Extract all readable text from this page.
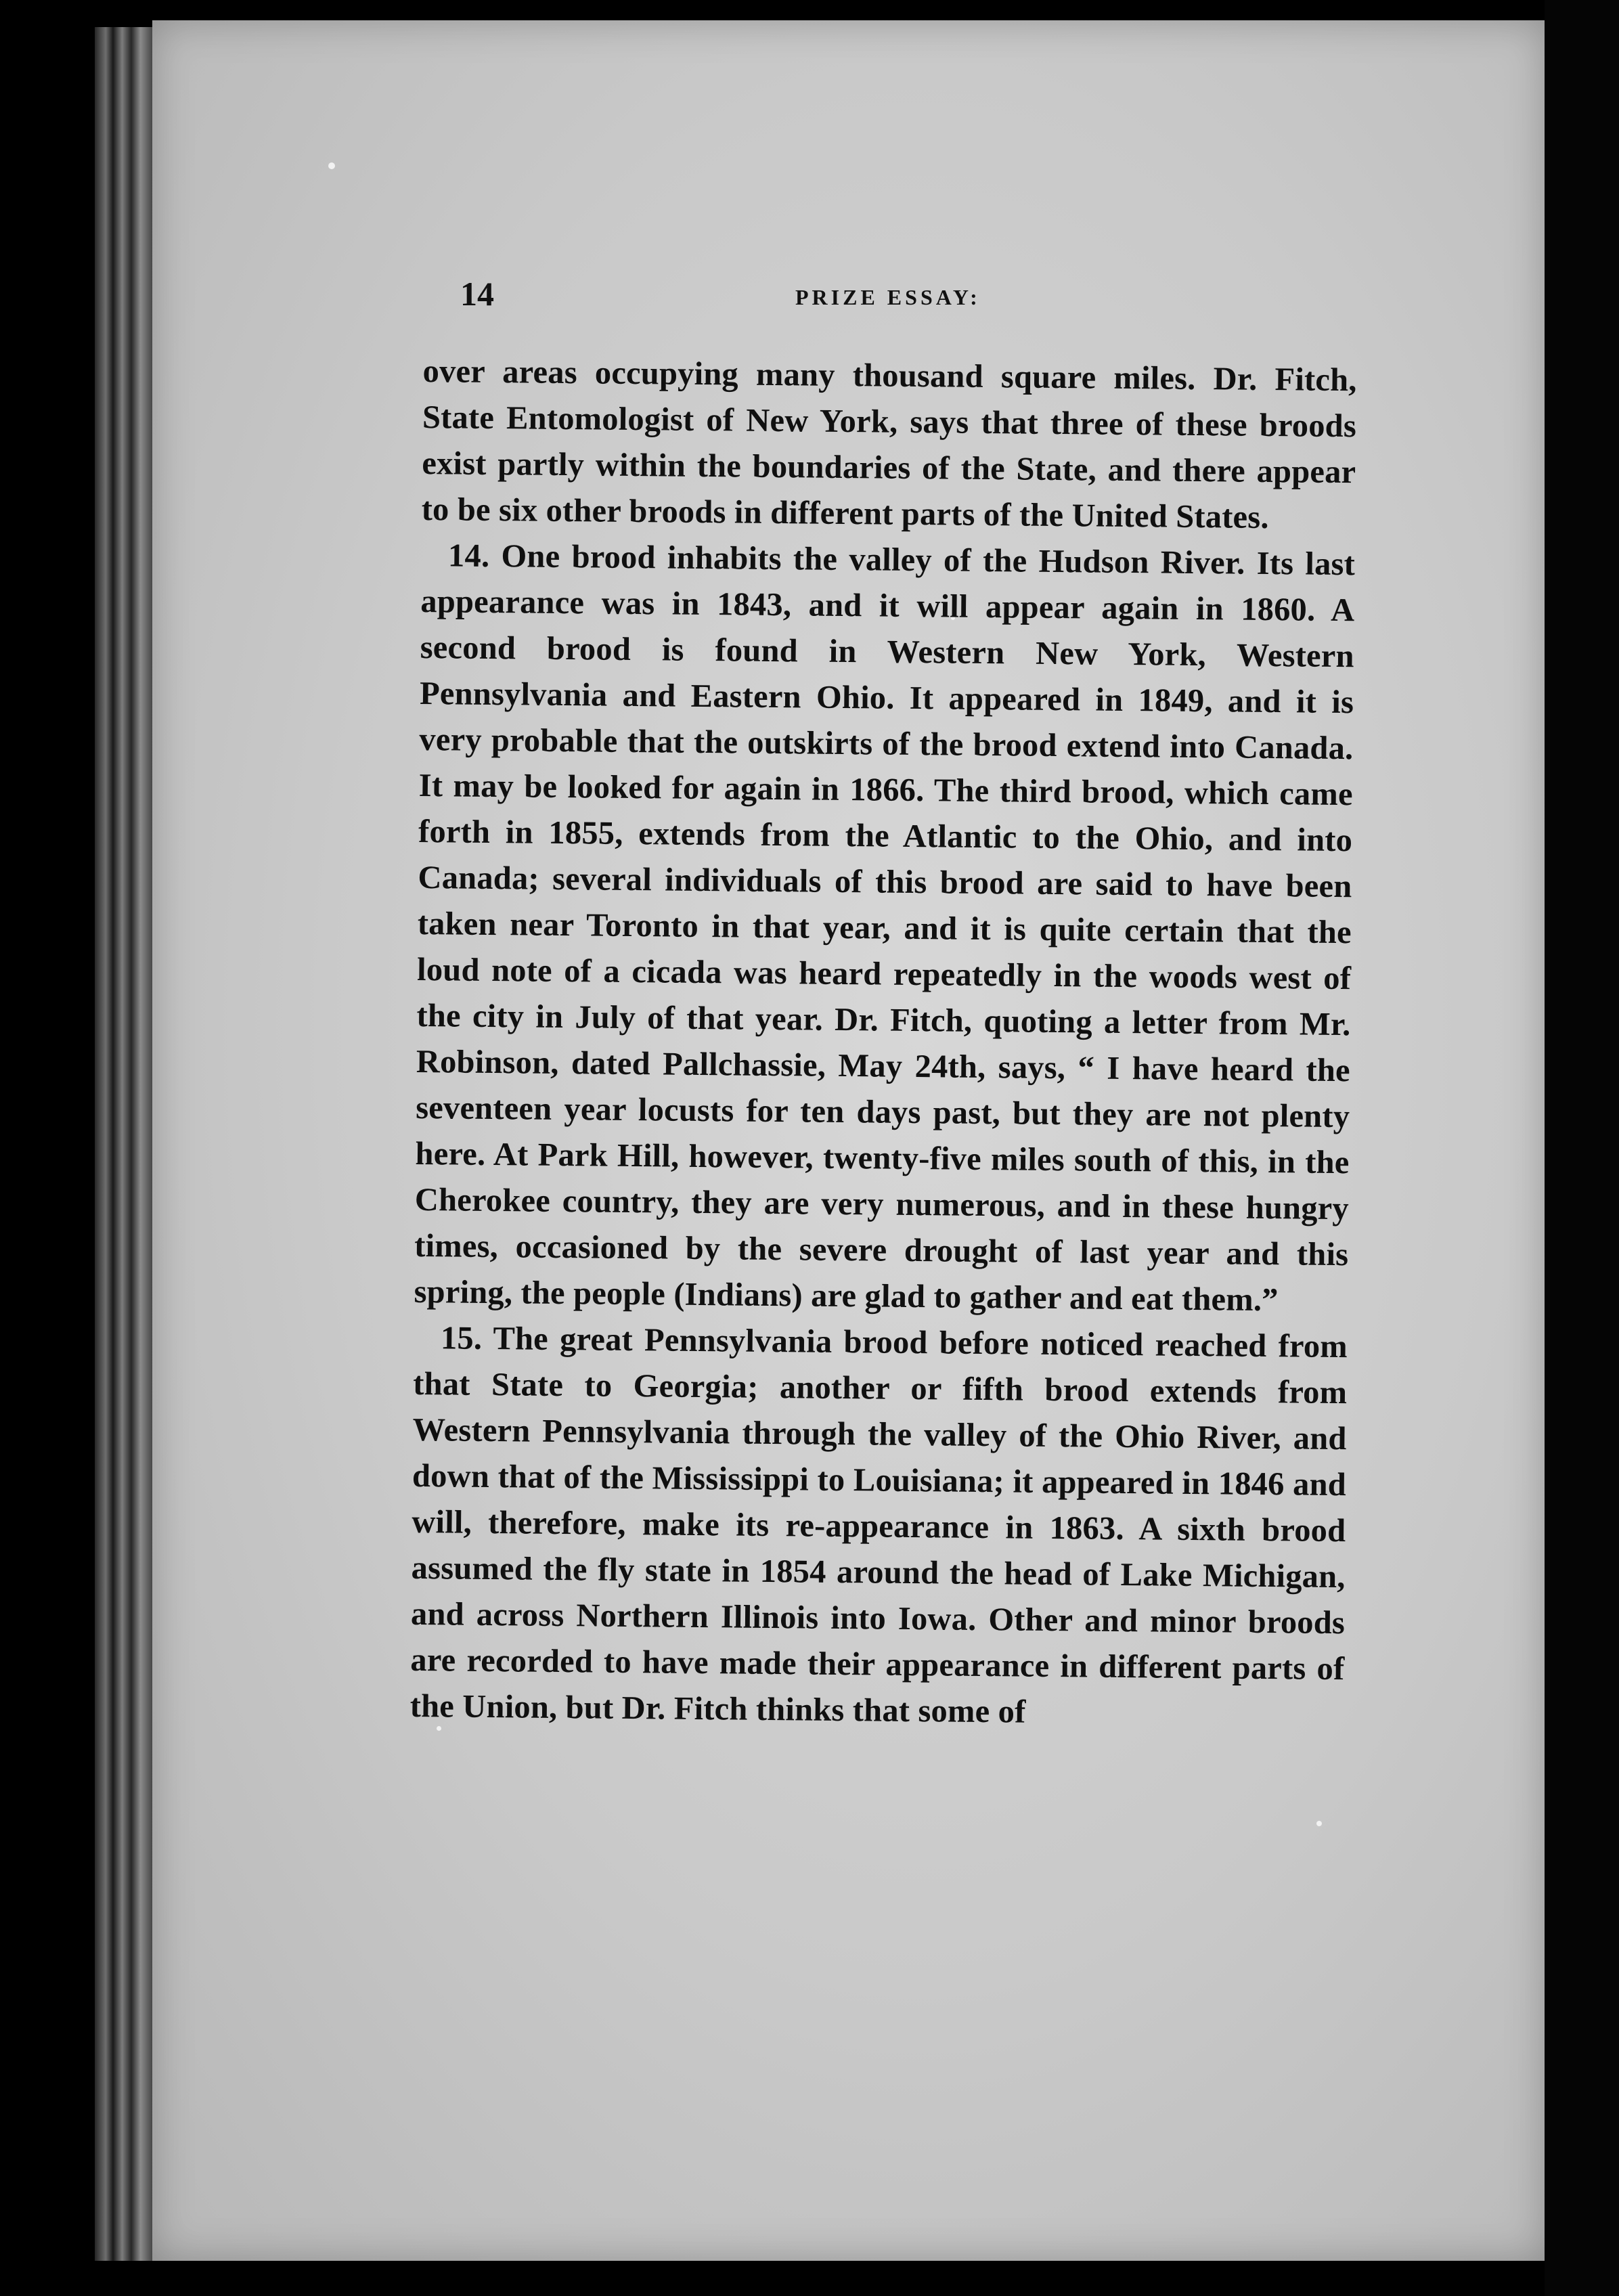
14	PRIZE ESSAY:

over areas occupying many thousand square miles. Dr. Fitch, State Entomologist of New York, says that three of these broods exist partly within the boundaries of the State, and there appear to be six other broods in different parts of the United States.

14. One brood inhabits the valley of the Hudson River. Its last appearance was in 1843, and it will appear again in 1860. A second brood is found in Western New York, Western Pennsylvania and Eastern Ohio. It appeared in 1849, and it is very probable that the outskirts of the brood extend into Canada. It may be looked for again in 1866. The third brood, which came forth in 1855, extends from the Atlantic to the Ohio, and into Canada; several individuals of this brood are said to have been taken near Toronto in that year, and it is quite certain that the loud note of a cicada was heard repeatedly in the woods west of the city in July of that year. Dr. Fitch, quoting a letter from Mr. Robinson, dated Pallchassie, May 24th, says, “ I have heard the seventeen year locusts for ten days past, but they are not plenty here. At Park Hill, however, twenty-five miles south of this, in the Cherokee country, they are very numerous, and in these hungry times, occasioned by the severe drought of last year and this spring, the people (Indians) are glad to gather and eat them.”

15. The great Pennsylvania brood before noticed reached from that State to Georgia; another or fifth brood extends from Western Pennsylvania through the valley of the Ohio River, and down that of the Mississippi to Louisiana; it appeared in 1846 and will, therefore, make its re-appearance in 1863. A sixth brood assumed the fly state in 1854 around the head of Lake Michigan, and across Northern Illinois into Iowa. Other and minor broods are recorded to have made their appearance in different parts of the Union, but Dr. Fitch thinks that some of
